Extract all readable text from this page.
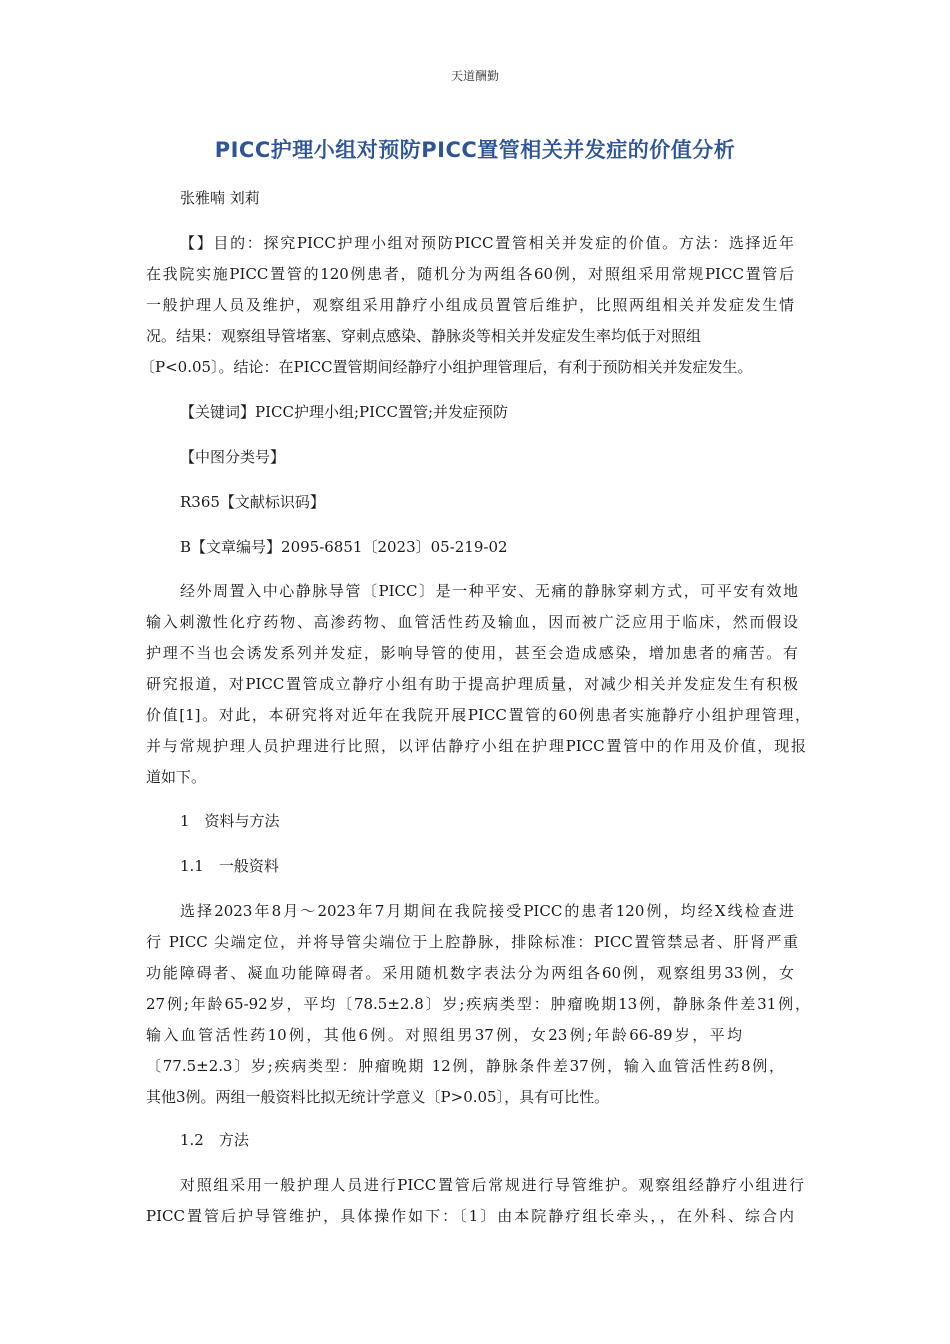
天道酬勤
PICC护理小组对预防PICC置管相关并发症的价值分析
张雅喃 刘莉
【】目的：探究PICC护理小组对预防PICC置管相关并发症的价值。方法：选择近年
在我院实施PICC置管的120例患者，随机分为两组各60例，对照组采用常规PICC置管后
一般护理人员及维护，观察组采用静疗小组成员置管后维护，比照两组相关并发症发生情
况。结果：观察组导管堵塞、穿刺点感染、静脉炎等相关并发症发生率均低于对照组
〔P<0.05〕。结论：在PICC置管期间经静疗小组护理管理后，有利于预防相关并发症发生。
【关键词】PICC护理小组;PICC置管;并发症预防
【中图分类号】
R365【文献标识码】
B【文章编号】2095-6851〔2023〕05-219-02
经外周置入中心静脉导管〔PICC〕是一种平安、无痛的静脉穿刺方式，可平安有效地
输入刺激性化疗药物、高渗药物、血管活性药及输血，因而被广泛应用于临床，然而假设
护理不当也会诱发系列并发症，影响导管的使用，甚至会造成感染，增加患者的痛苦。有
研究报道，对PICC置管成立静疗小组有助于提高护理质量，对减少相关并发症发生有积极
价值[1]。对此，本研究将对近年在我院开展PICC置管的60例患者实施静疗小组护理管理，
并与常规护理人员护理进行比照，以评估静疗小组在护理PICC置管中的作用及价值，现报
道如下。
1　资料与方法
1.1　一般资料
选择2023年8月～2023年7月期间在我院接受PICC的患者120例，均经X线检查进
行 PICC 尖端定位，并将导管尖端位于上腔静脉，排除标准：PICC置管禁忌者、肝肾严重
功能障碍者、凝血功能障碍者。采用随机数字表法分为两组各60例，观察组男33例，女
27例;年龄65-92岁，平均〔78.5±2.8〕岁;疾病类型：肿瘤晚期13例，静脉条件差31例，
输入血管活性药10例，其他6例。对照组男37例，女23例;年龄66-89岁，平均
〔77.5±2.3〕岁;疾病类型：肿瘤晚期 12例，静脉条件差37例，输入血管活性药8例，
其他3例。两组一般资料比拟无统计学意义〔P>0.05〕，具有可比性。
1.2　方法
对照组采用一般护理人员进行PICC置管后常规进行导管维护。观察组经静疗小组进行
PICC置管后护导管维护，具体操作如下：〔1〕由本院静疗组长牵头，，在外科、综合内
